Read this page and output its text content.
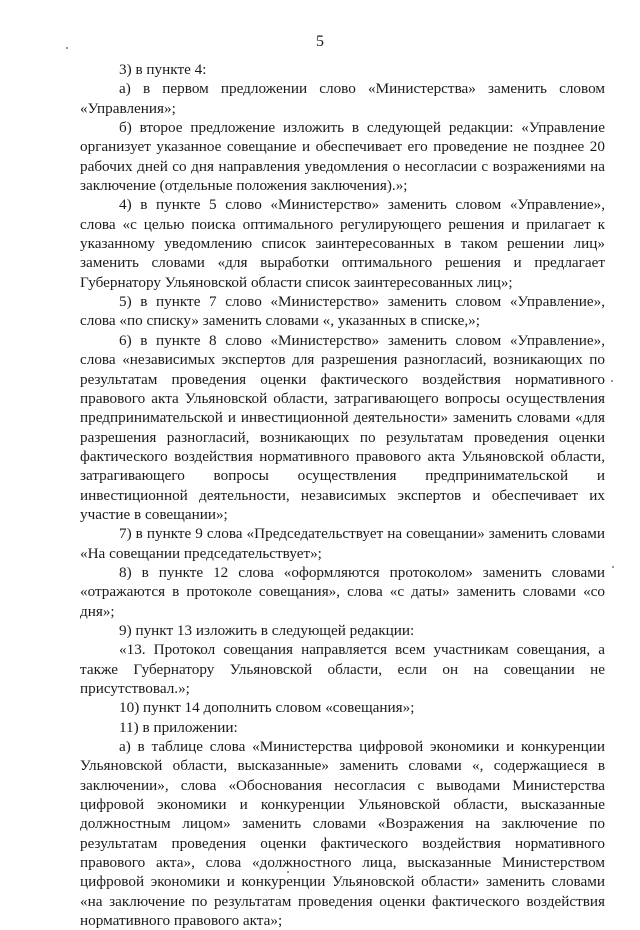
5

3) в пункте 4:

а) в первом предложении слово «Министерства» заменить словом «Управления»;

б) второе предложение изложить в следующей редакции: «Управление организует указанное совещание и обеспечивает его проведение не позднее 20 рабочих дней со дня направления уведомления о несогласии с возражениями на заключение (отдельные положения заключения).»;

4) в пункте 5 слово «Министерство» заменить словом «Управление», слова «с целью поиска оптимального регулирующего решения и прилагает к указанному уведомлению список заинтересованных в таком решении лиц» заменить словами «для выработки оптимального решения и предлагает Губернатору Ульяновской области список заинтересованных лиц»;

5) в пункте 7 слово «Министерство» заменить словом «Управление», слова «по списку» заменить словами «, указанных в списке,»;

6) в пункте 8 слово «Министерство» заменить словом «Управление», слова «независимых экспертов для разрешения разногласий, возникающих по результатам проведения оценки фактического воздействия нормативного правового акта Ульяновской области, затрагивающего вопросы осуществления предпринимательской и инвестиционной деятельности» заменить словами «для разрешения разногласий, возникающих по результатам проведения оценки фактического воздействия нормативного правового акта Ульяновской области, затрагивающего вопросы осуществления предпринимательской и инвестиционной деятельности, независимых экспертов и обеспечивает их участие в совещании»;

7) в пункте 9 слова «Председательствует на совещании» заменить словами «На совещании председательствует»;

8) в пункте 12 слова «оформляются протоколом» заменить словами «отражаются в протоколе совещания», слова «с даты» заменить словами «со дня»;

9) пункт 13 изложить в следующей редакции:

«13. Протокол совещания направляется всем участникам совещания, а также Губернатору Ульяновской области, если он на совещании не присутствовал.»;

10) пункт 14 дополнить словом «совещания»;

11) в приложении:

а) в таблице слова «Министерства цифровой экономики и конкуренции Ульяновской области, высказанные» заменить словами «, содержащиеся в заключении», слова «Обоснования несогласия с выводами Министерства цифровой экономики и конкуренции Ульяновской области, высказанные должностным лицом» заменить словами «Возражения на заключение по результатам проведения оценки фактического воздействия нормативного правового акта», слова «должностного лица, высказанные Министерством цифровой экономики и конкуренции Ульяновской области» заменить словами «на заключение по результатам проведения оценки фактического воздействия нормативного правового акта»;
